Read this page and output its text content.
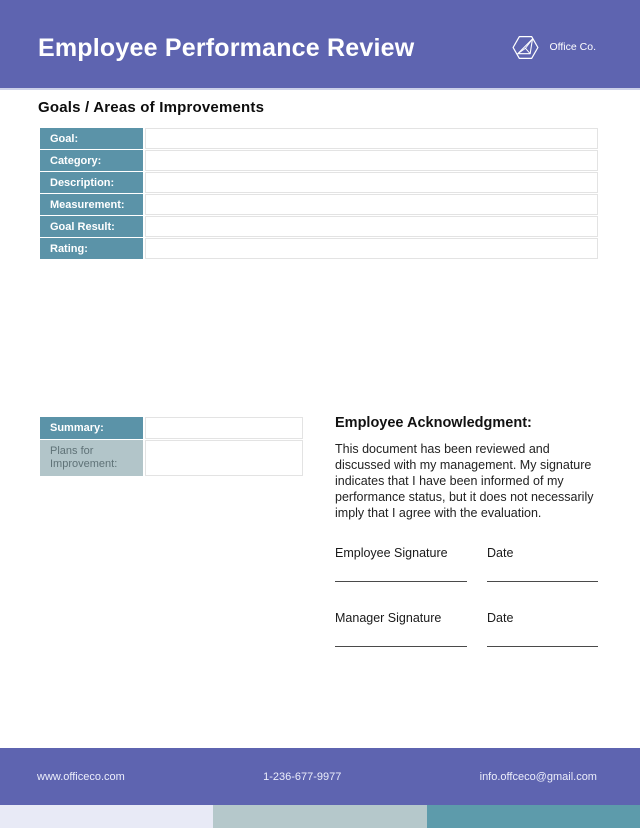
Employee Performance Review	Office Co.
Goals / Areas of Improvements
Goal:
Category:
Description:
Measurement:
Goal Result:
Rating:
Summary:
Plans for Improvement:
Employee Acknowledgment:
This document has been reviewed and discussed with my management. My signature indicates that I have been informed of my performance status, but it does not necessarily imply that I agree with the evaluation.
Employee Signature	Date
Manager Signature	Date
www.officeco.com	1-236-677-9977	info.offceco@gmail.com
